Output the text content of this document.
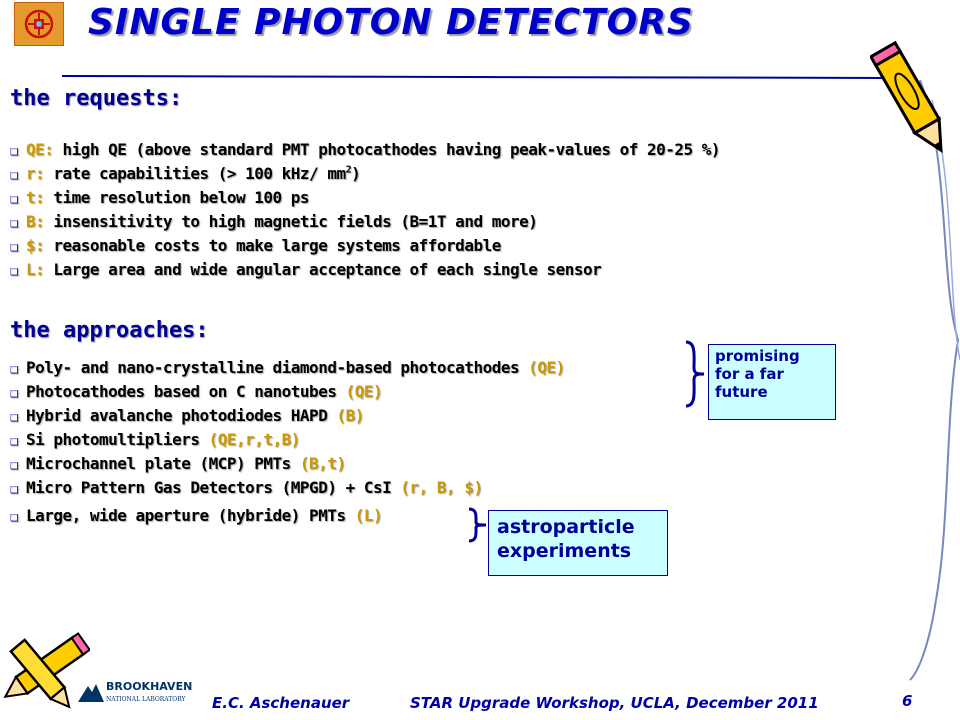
SINGLE PHOTON DETECTORS
the requests:
❑ QE: high QE (above standard PMT photocathodes having peak-values of 20-25 %)
❑ r: rate capabilities (> 100 kHz/ $mm^2$)
❑ t: time resolution below 100 ps
❑ B: insensitivity to high magnetic fields (B=1T and more)
❑ $: reasonable costs to make large systems affordable
❑ L: Large area and wide angular acceptance of each single sensor
the approaches:
❑ Poly- and nano-crystalline diamond-based photocathodes (QE)
❑ Photocathodes based on C nanotubes (QE)
❑ Hybrid avalanche photodiodes HAPD (B)
❑ Si photomultipliers (QE,r,t,B)
❑ Microchannel plate (MCP) PMTs (B,t)
❑ Micro Pattern Gas Detectors (MPGD) + CsI (r, B, $)
❑ Large, wide aperture (hybride) PMTs (L)
promising for a far future
astroparticle experiments
BROOKHAVEN
NATIONAL LABORATORY E.C. Aschenauer	STAR Upgrade Workshop, UCLA, December 2011	6
